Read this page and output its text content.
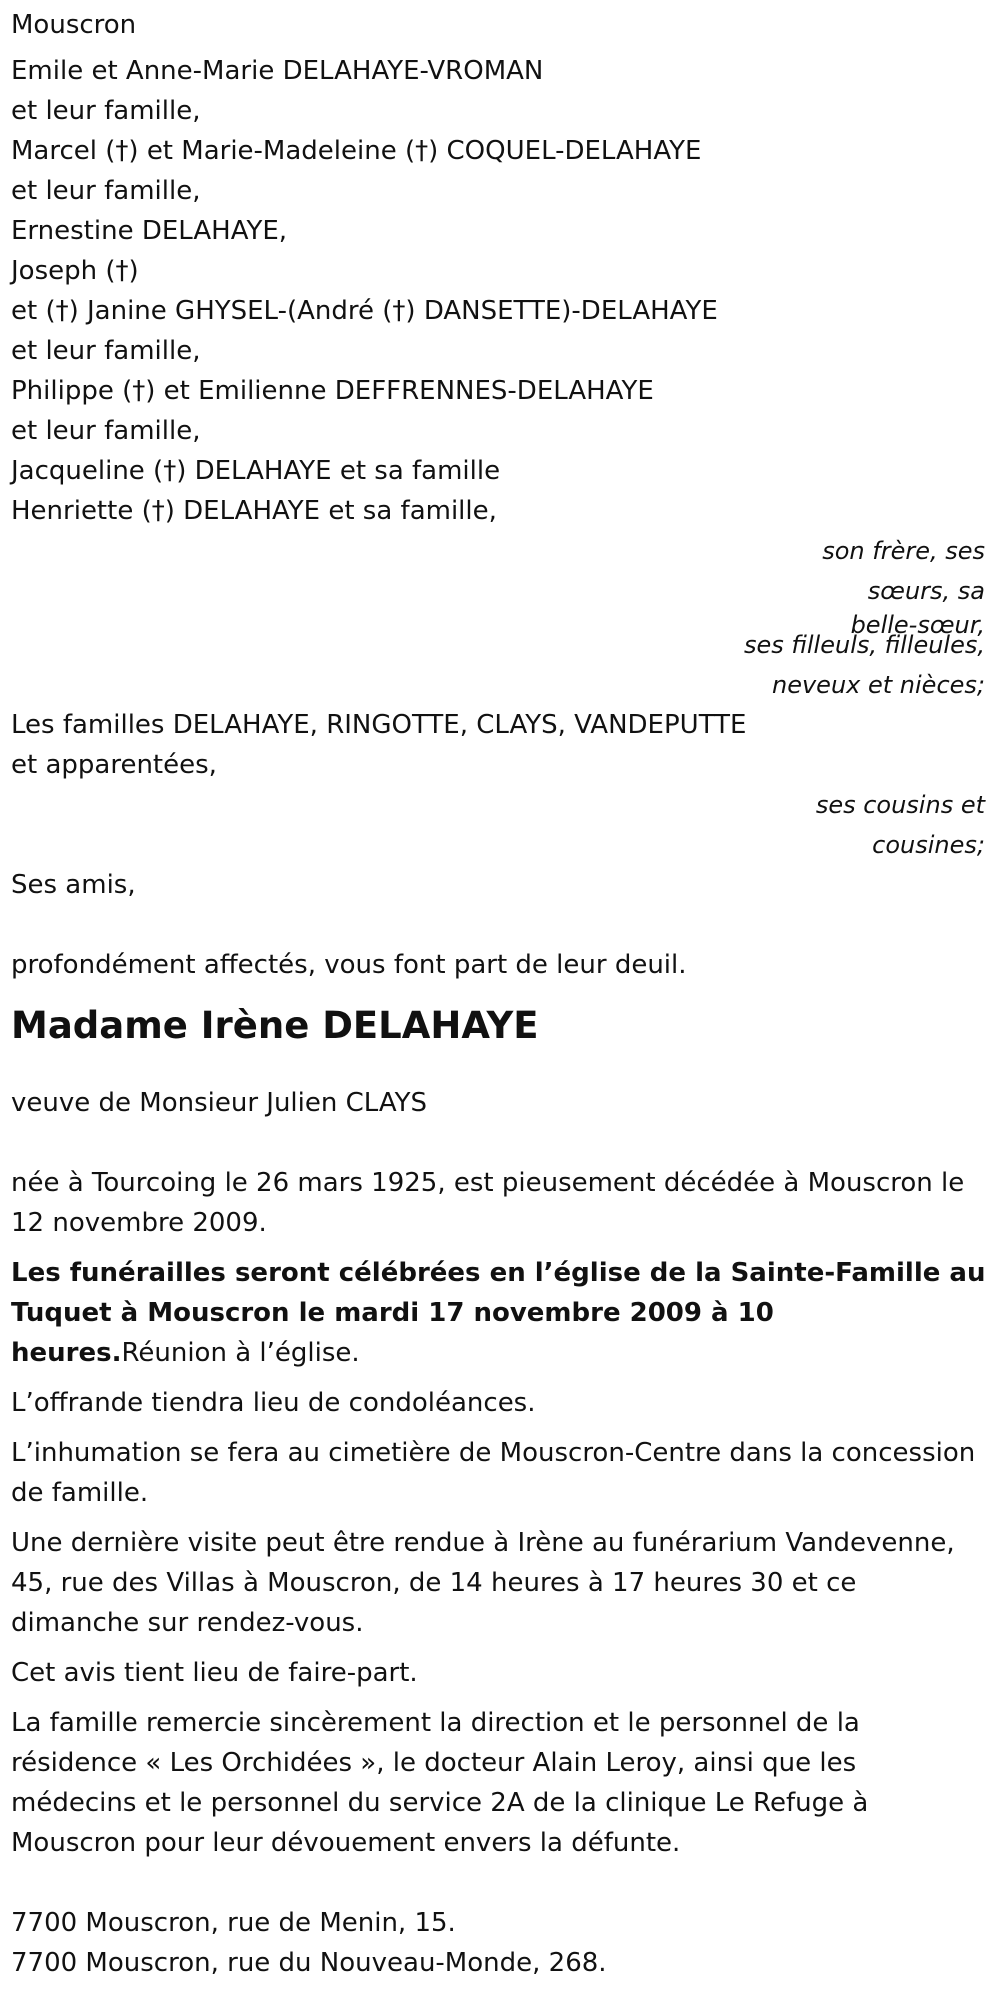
Mouscron
Emile et Anne-Marie DELAHAYE-VROMAN
et leur famille,
Marcel (†) et Marie-Madeleine (†) COQUEL-DELAHAYE
et leur famille,
Ernestine DELAHAYE,
Joseph (†)
et (†) Janine GHYSEL-(André (†) DANSETTE)-DELAHAYE
et leur famille,
Philippe (†) et Emilienne DEFFRENNES-DELAHAYE
et leur famille,
Jacqueline (†) DELAHAYE et sa famille
Henriette (†) DELAHAYE et sa famille,
son frère, ses
sœurs, sa
belle-sœur,
ses filleuls, filleules,
neveux et nièces;
Les familles DELAHAYE, RINGOTTE, CLAYS, VANDEPUTTE
et apparentées,
ses cousins et
cousines;
Ses amis,
profondément affectés, vous font part de leur deuil.
Madame Irène DELAHAYE
veuve de Monsieur Julien CLAYS

née à Tourcoing le 26 mars 1925, est pieusement décédée à Mouscron le 12 novembre 2009.

Les funérailles seront célébrées en l’église de la Sainte-Famille au Tuquet à Mouscron le mardi 17 novembre 2009 à 10 heures.Réunion à l’église.

L’offrande tiendra lieu de condoléances.

L’inhumation se fera au cimetière de Mouscron-Centre dans la concession de famille.

Une dernière visite peut être rendue à Irène au funérarium Vandevenne, 45, rue des Villas à Mouscron, de 14 heures à 17 heures 30 et ce dimanche sur rendez-vous.

Cet avis tient lieu de faire-part.

La famille remercie sincèrement la direction et le personnel de la résidence « Les Orchidées », le docteur Alain Leroy, ainsi que les médecins et le personnel du service 2A de la clinique Le Refuge à Mouscron pour leur dévouement envers la défunte.

7700 Mouscron, rue de Menin, 15.
7700 Mouscron, rue du Nouveau-Monde, 268.
